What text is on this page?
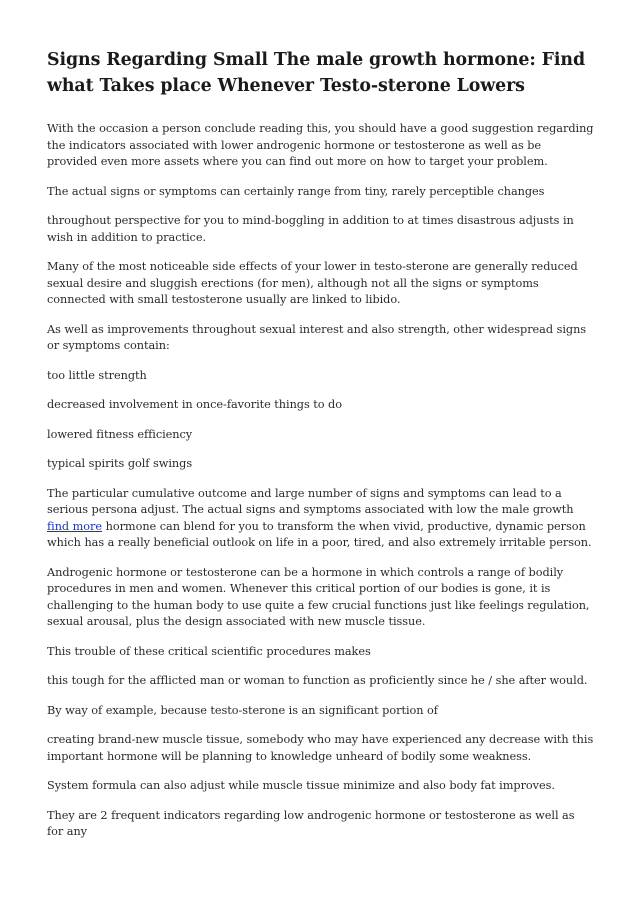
Signs Regarding Small The male growth hormone: Find what Takes place Whenever Testo-sterone Lowers

With the occasion a person conclude reading this, you should have a good suggestion regarding the indicators associated with lower androgenic hormone or testosterone as well as be provided even more assets where you can find out more on how to target your problem.

The actual signs or symptoms can certainly range from tiny, rarely perceptible changes

throughout perspective for you to mind-boggling in addition to at times disastrous adjusts in wish in addition to practice.

Many of the most noticeable side effects of your lower in testo-sterone are generally reduced sexual desire and sluggish erections (for men), although not all the signs or symptoms connected with small testosterone usually are linked to libido.

As well as improvements throughout sexual interest and also strength, other widespread signs or symptoms contain:

too little strength

decreased involvement in once-favorite things to do

lowered fitness efficiency

typical spirits golf swings

The particular cumulative outcome and large number of signs and symptoms can lead to a serious persona adjust. The actual signs and symptoms associated with low the male growth find more hormone can blend for you to transform the when vivid, productive, dynamic person which has a really beneficial outlook on life in a poor, tired, and also extremely irritable person.

Androgenic hormone or testosterone can be a hormone in which controls a range of bodily procedures in men and women. Whenever this critical portion of our bodies is gone, it is challenging to the human body to use quite a few crucial functions just like feelings regulation, sexual arousal, plus the design associated with new muscle tissue.

This trouble of these critical scientific procedures makes

this tough for the afflicted man or woman to function as proficiently since he / she after would.

By way of example, because testo-sterone is an significant portion of

creating brand-new muscle tissue, somebody who may have experienced any decrease with this important hormone will be planning to knowledge unheard of bodily some weakness.

System formula can also adjust while muscle tissue minimize and also body fat improves.

They are 2 frequent indicators regarding low androgenic hormone or testosterone as well as for any
